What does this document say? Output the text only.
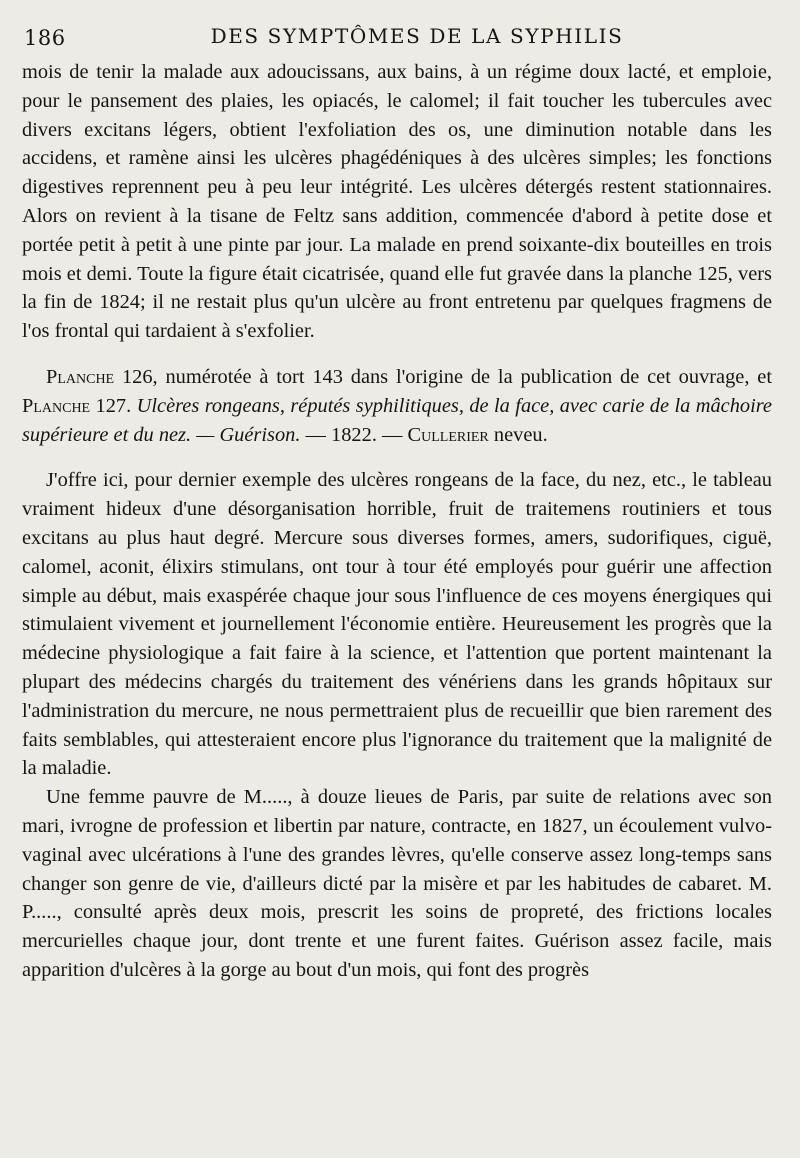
186	DES SYMPTÔMES DE LA SYPHILIS

mois de tenir la malade aux adoucissans, aux bains, à un régime doux lacté, et emploie, pour le pansement des plaies, les opiacés, le calomel; il fait toucher les tubercules avec divers excitans légers, obtient l'exfoliation des os, une diminution notable dans les accidens, et ramène ainsi les ulcères phagédéniques à des ulcères simples; les fonctions digestives reprennent peu à peu leur intégrité. Les ulcères détergés restent stationnaires. Alors on revient à la tisane de Feltz sans addition, commencée d'abord à petite dose et portée petit à petit à une pinte par jour. La malade en prend soixante-dix bouteilles en trois mois et demi. Toute la figure était cicatrisée, quand elle fut gravée dans la planche 125, vers la fin de 1824; il ne restait plus qu'un ulcère au front entretenu par quelques fragmens de l'os frontal qui tardaient à s'exfolier.

Planche 126, numérotée à tort 143 dans l'origine de la publication de cet ouvrage, et Planche 127. Ulcères rongeans, réputés syphilitiques, de la face, avec carie de la mâchoire supérieure et du nez. — Guérison. — 1822. — Cullerier neveu.

J'offre ici, pour dernier exemple des ulcères rongeans de la face, du nez, etc., le tableau vraiment hideux d'une désorganisation horrible, fruit de traitemens routiniers et tous excitans au plus haut degré. Mercure sous diverses formes, amers, sudorifiques, ciguë, calomel, aconit, élixirs stimulans, ont tour à tour été employés pour guérir une affection simple au début, mais exaspérée chaque jour sous l'influence de ces moyens énergiques qui stimulaient vivement et journellement l'économie entière. Heureusement les progrès que la médecine physiologique a fait faire à la science, et l'attention que portent maintenant la plupart des médecins chargés du traitement des vénériens dans les grands hôpitaux sur l'administration du mercure, ne nous permettraient plus de recueillir que bien rarement des faits semblables, qui attesteraient encore plus l'ignorance du traitement que la malignité de la maladie.

Une femme pauvre de M....., à douze lieues de Paris, par suite de relations avec son mari, ivrogne de profession et libertin par nature, contracte, en 1827, un écoulement vulvo-vaginal avec ulcérations à l'une des grandes lèvres, qu'elle conserve assez long-temps sans changer son genre de vie, d'ailleurs dicté par la misère et par les habitudes de cabaret. M. P....., consulté après deux mois, prescrit les soins de propreté, des frictions locales mercurielles chaque jour, dont trente et une furent faites. Guérison assez facile, mais apparition d'ulcères à la gorge au bout d'un mois, qui font des progrès
